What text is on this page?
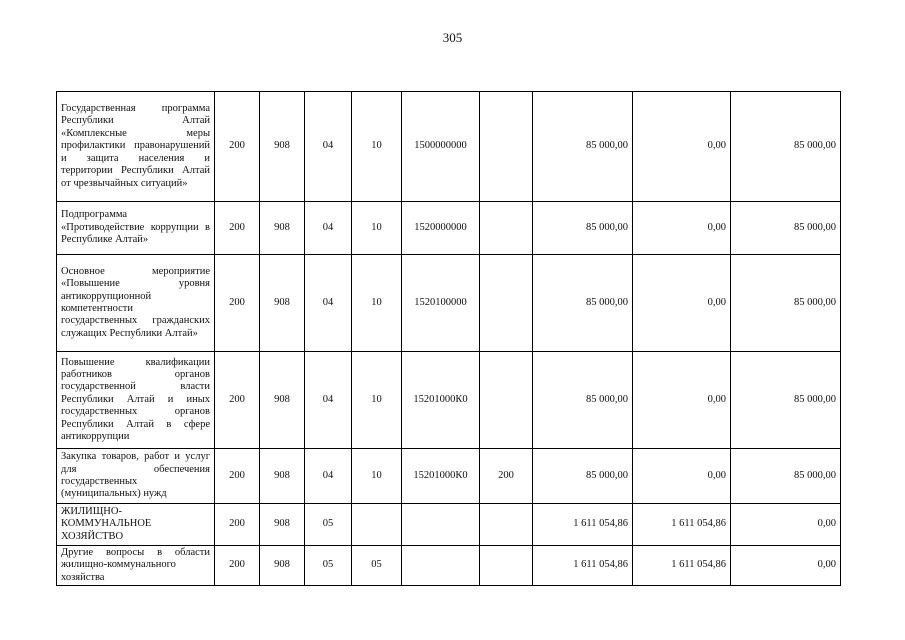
305
Государственная программа Республики Алтай «Комплексные меры профилактики правонарушений и защита населения и территории Республики Алтай от чрезвычайных ситуаций»	200	908	04	10	1500000000		85 000,00	0,00	85 000,00
Подпрограмма «Противодействие коррупции в Республике Алтай»	200	908	04	10	1520000000		85 000,00	0,00	85 000,00
Основное мероприятие «Повышение уровня антикоррупционной компетентности государственных гражданских служащих Республики Алтай»	200	908	04	10	1520100000		85 000,00	0,00	85 000,00
Повышение квалификации работников органов государственной власти Республики Алтай и иных государственных органов Республики Алтай в сфере антикоррупции	200	908	04	10	15201000К0		85 000,00	0,00	85 000,00
Закупка товаров, работ и услуг для обеспечения государственных (муниципальных) нужд	200	908	04	10	15201000К0	200	85 000,00	0,00	85 000,00
ЖИЛИЩНО-КОММУНАЛЬНОЕ ХОЗЯЙСТВО	200	908	05				1 611 054,86	1 611 054,86	0,00
Другие вопросы в области жилищно-коммунального хозяйства	200	908	05	05			1 611 054,86	1 611 054,86	0,00
